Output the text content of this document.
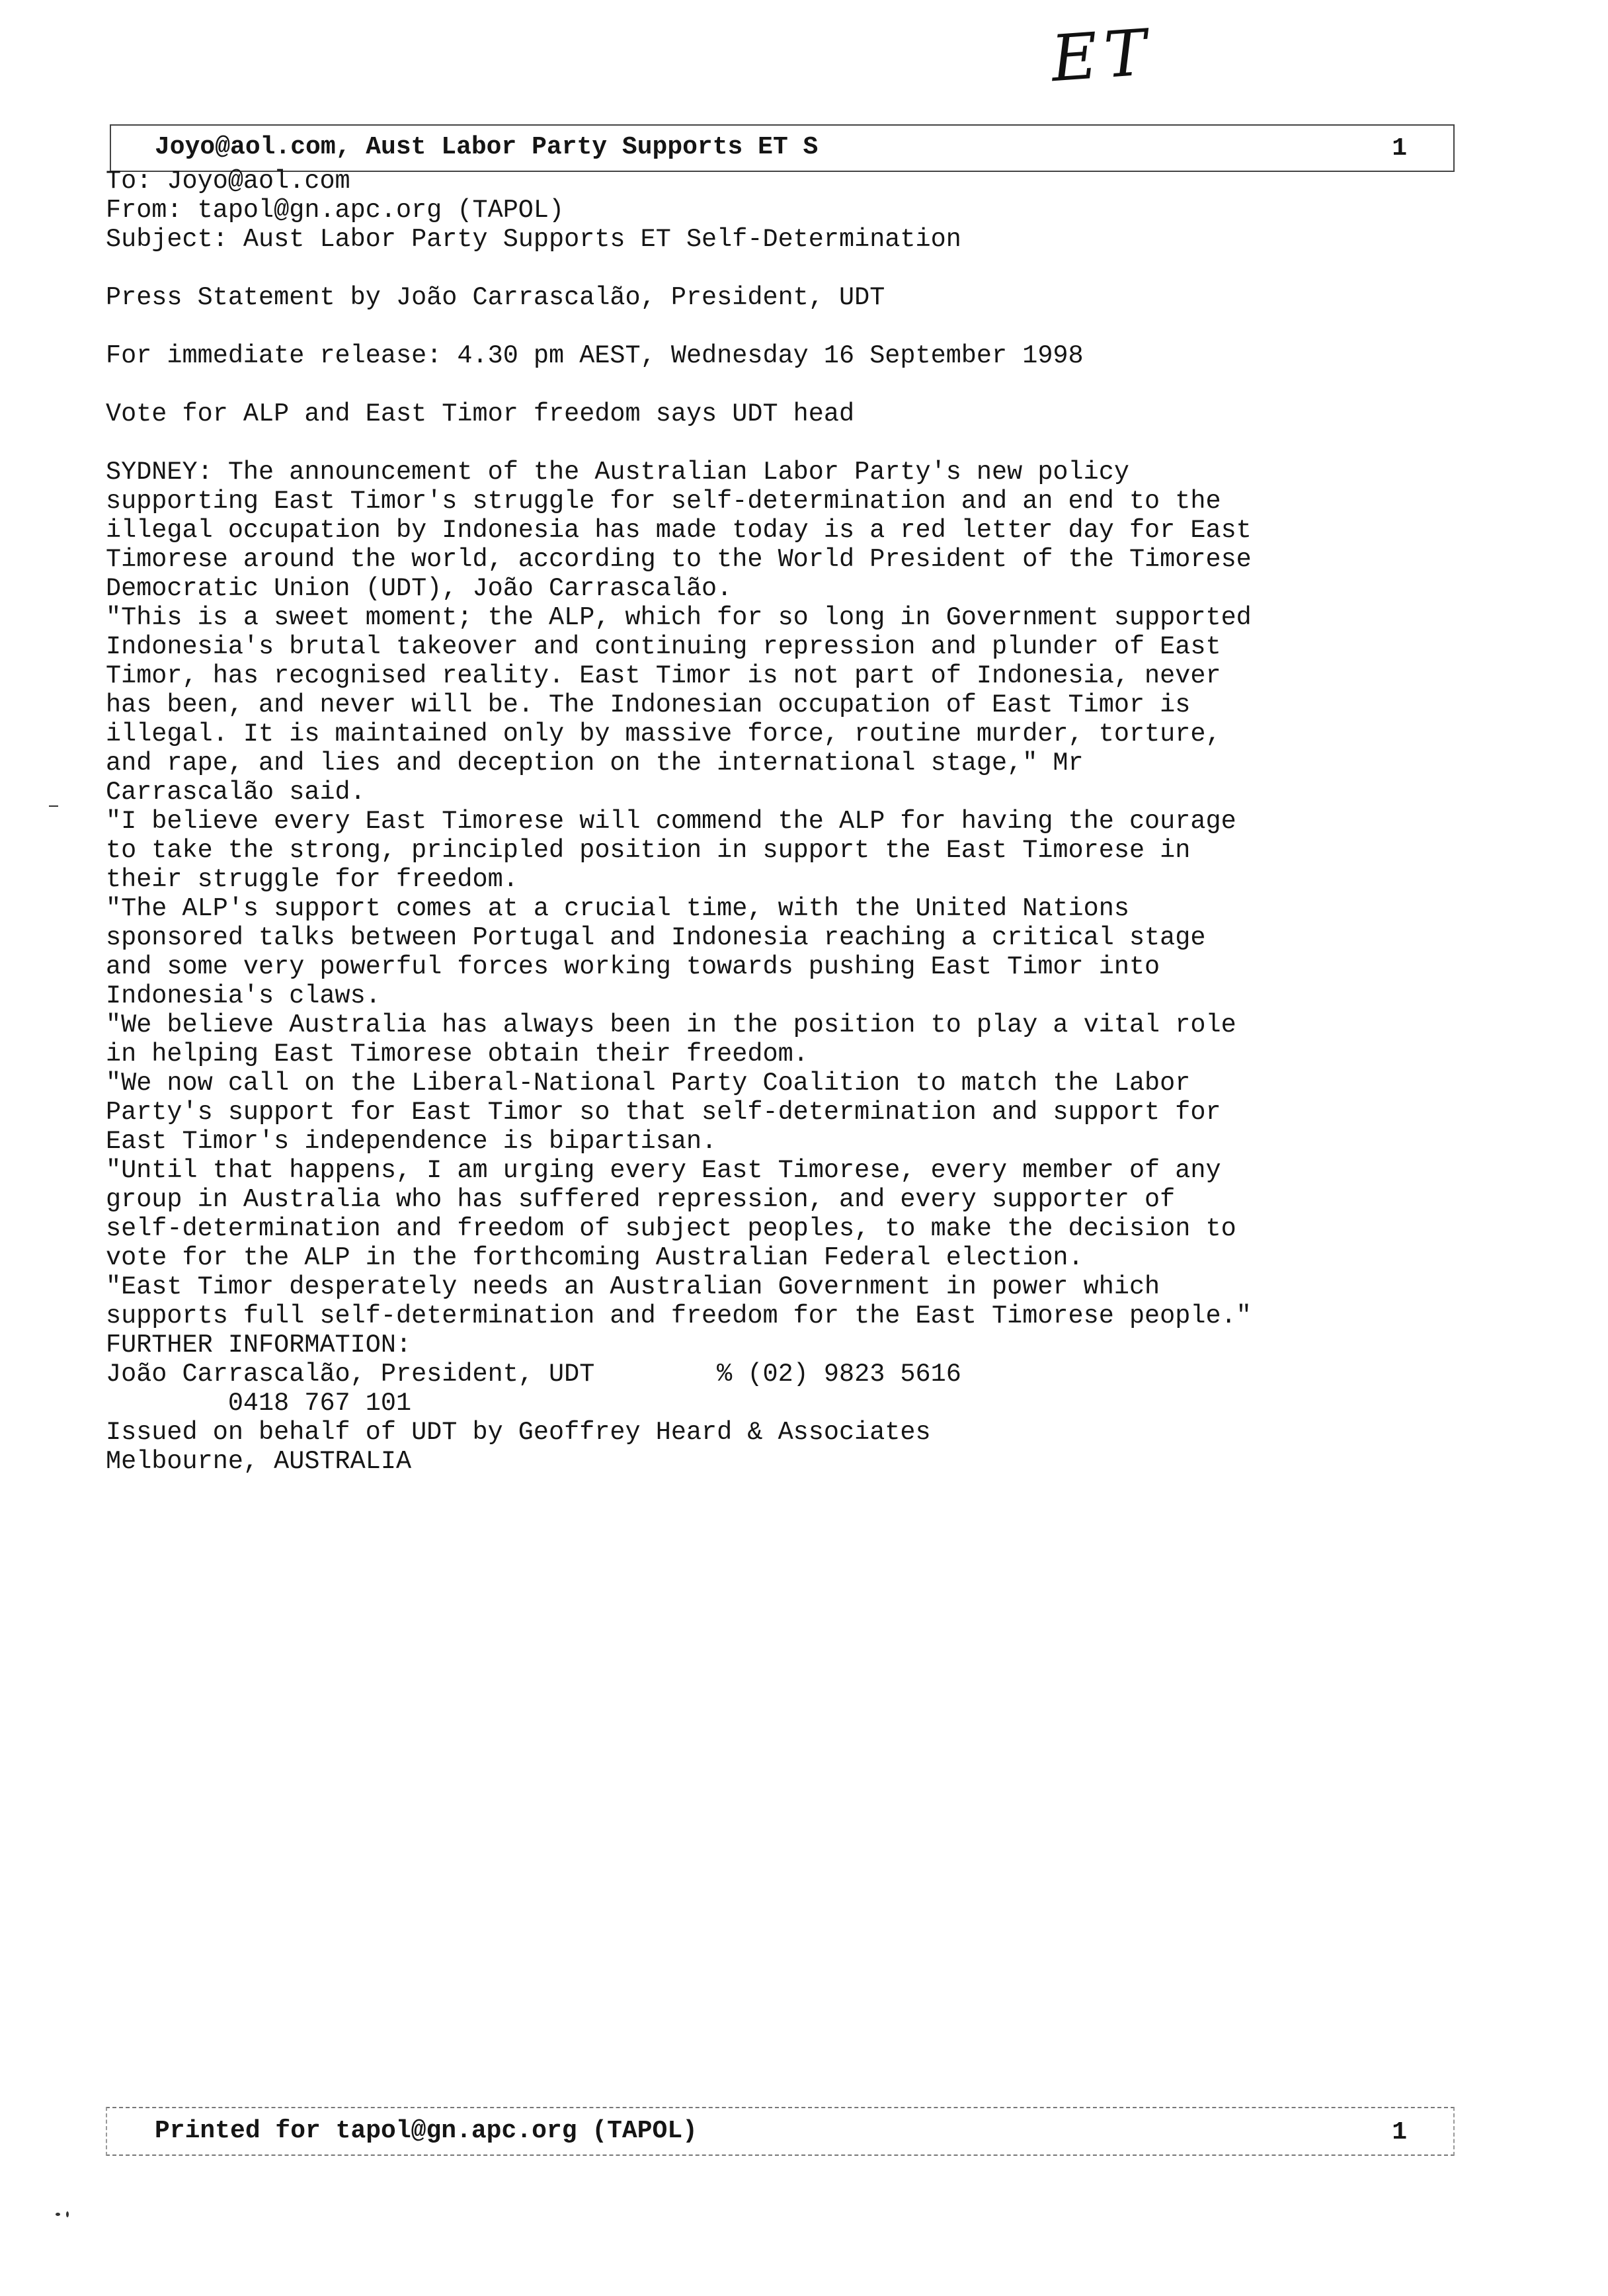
ET
Joyo@aol.com, Aust Labor Party Supports ET S	1
To: Joyo@aol.com
From: tapol@gn.apc.org (TAPOL)
Subject: Aust Labor Party Supports ET Self-Determination
Press Statement by João Carrascalão, President, UDT
For immediate release: 4.30 pm AEST, Wednesday 16 September 1998
Vote for ALP and East Timor freedom says UDT head
SYDNEY: The announcement of the Australian Labor Party's new policy
supporting East Timor's struggle for self-determination and an end to the
illegal occupation by Indonesia has made today is a red letter day for East
Timorese around the world, according to the World President of the Timorese
Democratic Union (UDT), João Carrascalão.
"This is a sweet moment; the ALP, which for so long in Government supported
Indonesia's brutal takeover and continuing repression and plunder of East
Timor, has recognised reality. East Timor is not part of Indonesia, never
has been, and never will be. The Indonesian occupation of East Timor is
illegal. It is maintained only by massive force, routine murder, torture,
and rape, and lies and deception on the international stage," Mr
Carrascalão said.
"I believe every East Timorese will commend the ALP for having the courage
to take the strong, principled position in support the East Timorese in
their struggle for freedom.
"The ALP's support comes at a crucial time, with the United Nations
sponsored talks between Portugal and Indonesia reaching a critical stage
and some very powerful forces working towards pushing East Timor into
Indonesia's claws.
"We believe Australia has always been in the position to play a vital role
in helping East Timorese obtain their freedom.
"We now call on the Liberal-National Party Coalition to match the Labor
Party's support for East Timor so that self-determination and support for
East Timor's independence is bipartisan.
"Until that happens, I am urging every East Timorese, every member of any
group in Australia who has suffered repression, and every supporter of
self-determination and freedom of subject peoples, to make the decision to
vote for the ALP in the forthcoming Australian Federal election.
"East Timor desperately needs an Australian Government in power which
supports full self-determination and freedom for the East Timorese people."
FURTHER INFORMATION:
João Carrascalão, President, UDT        % (02) 9823 5616
0418 767 101
Issued on behalf of UDT by Geoffrey Heard & Associates
Melbourne, AUSTRALIA
Printed for tapol@gn.apc.org (TAPOL)	1
